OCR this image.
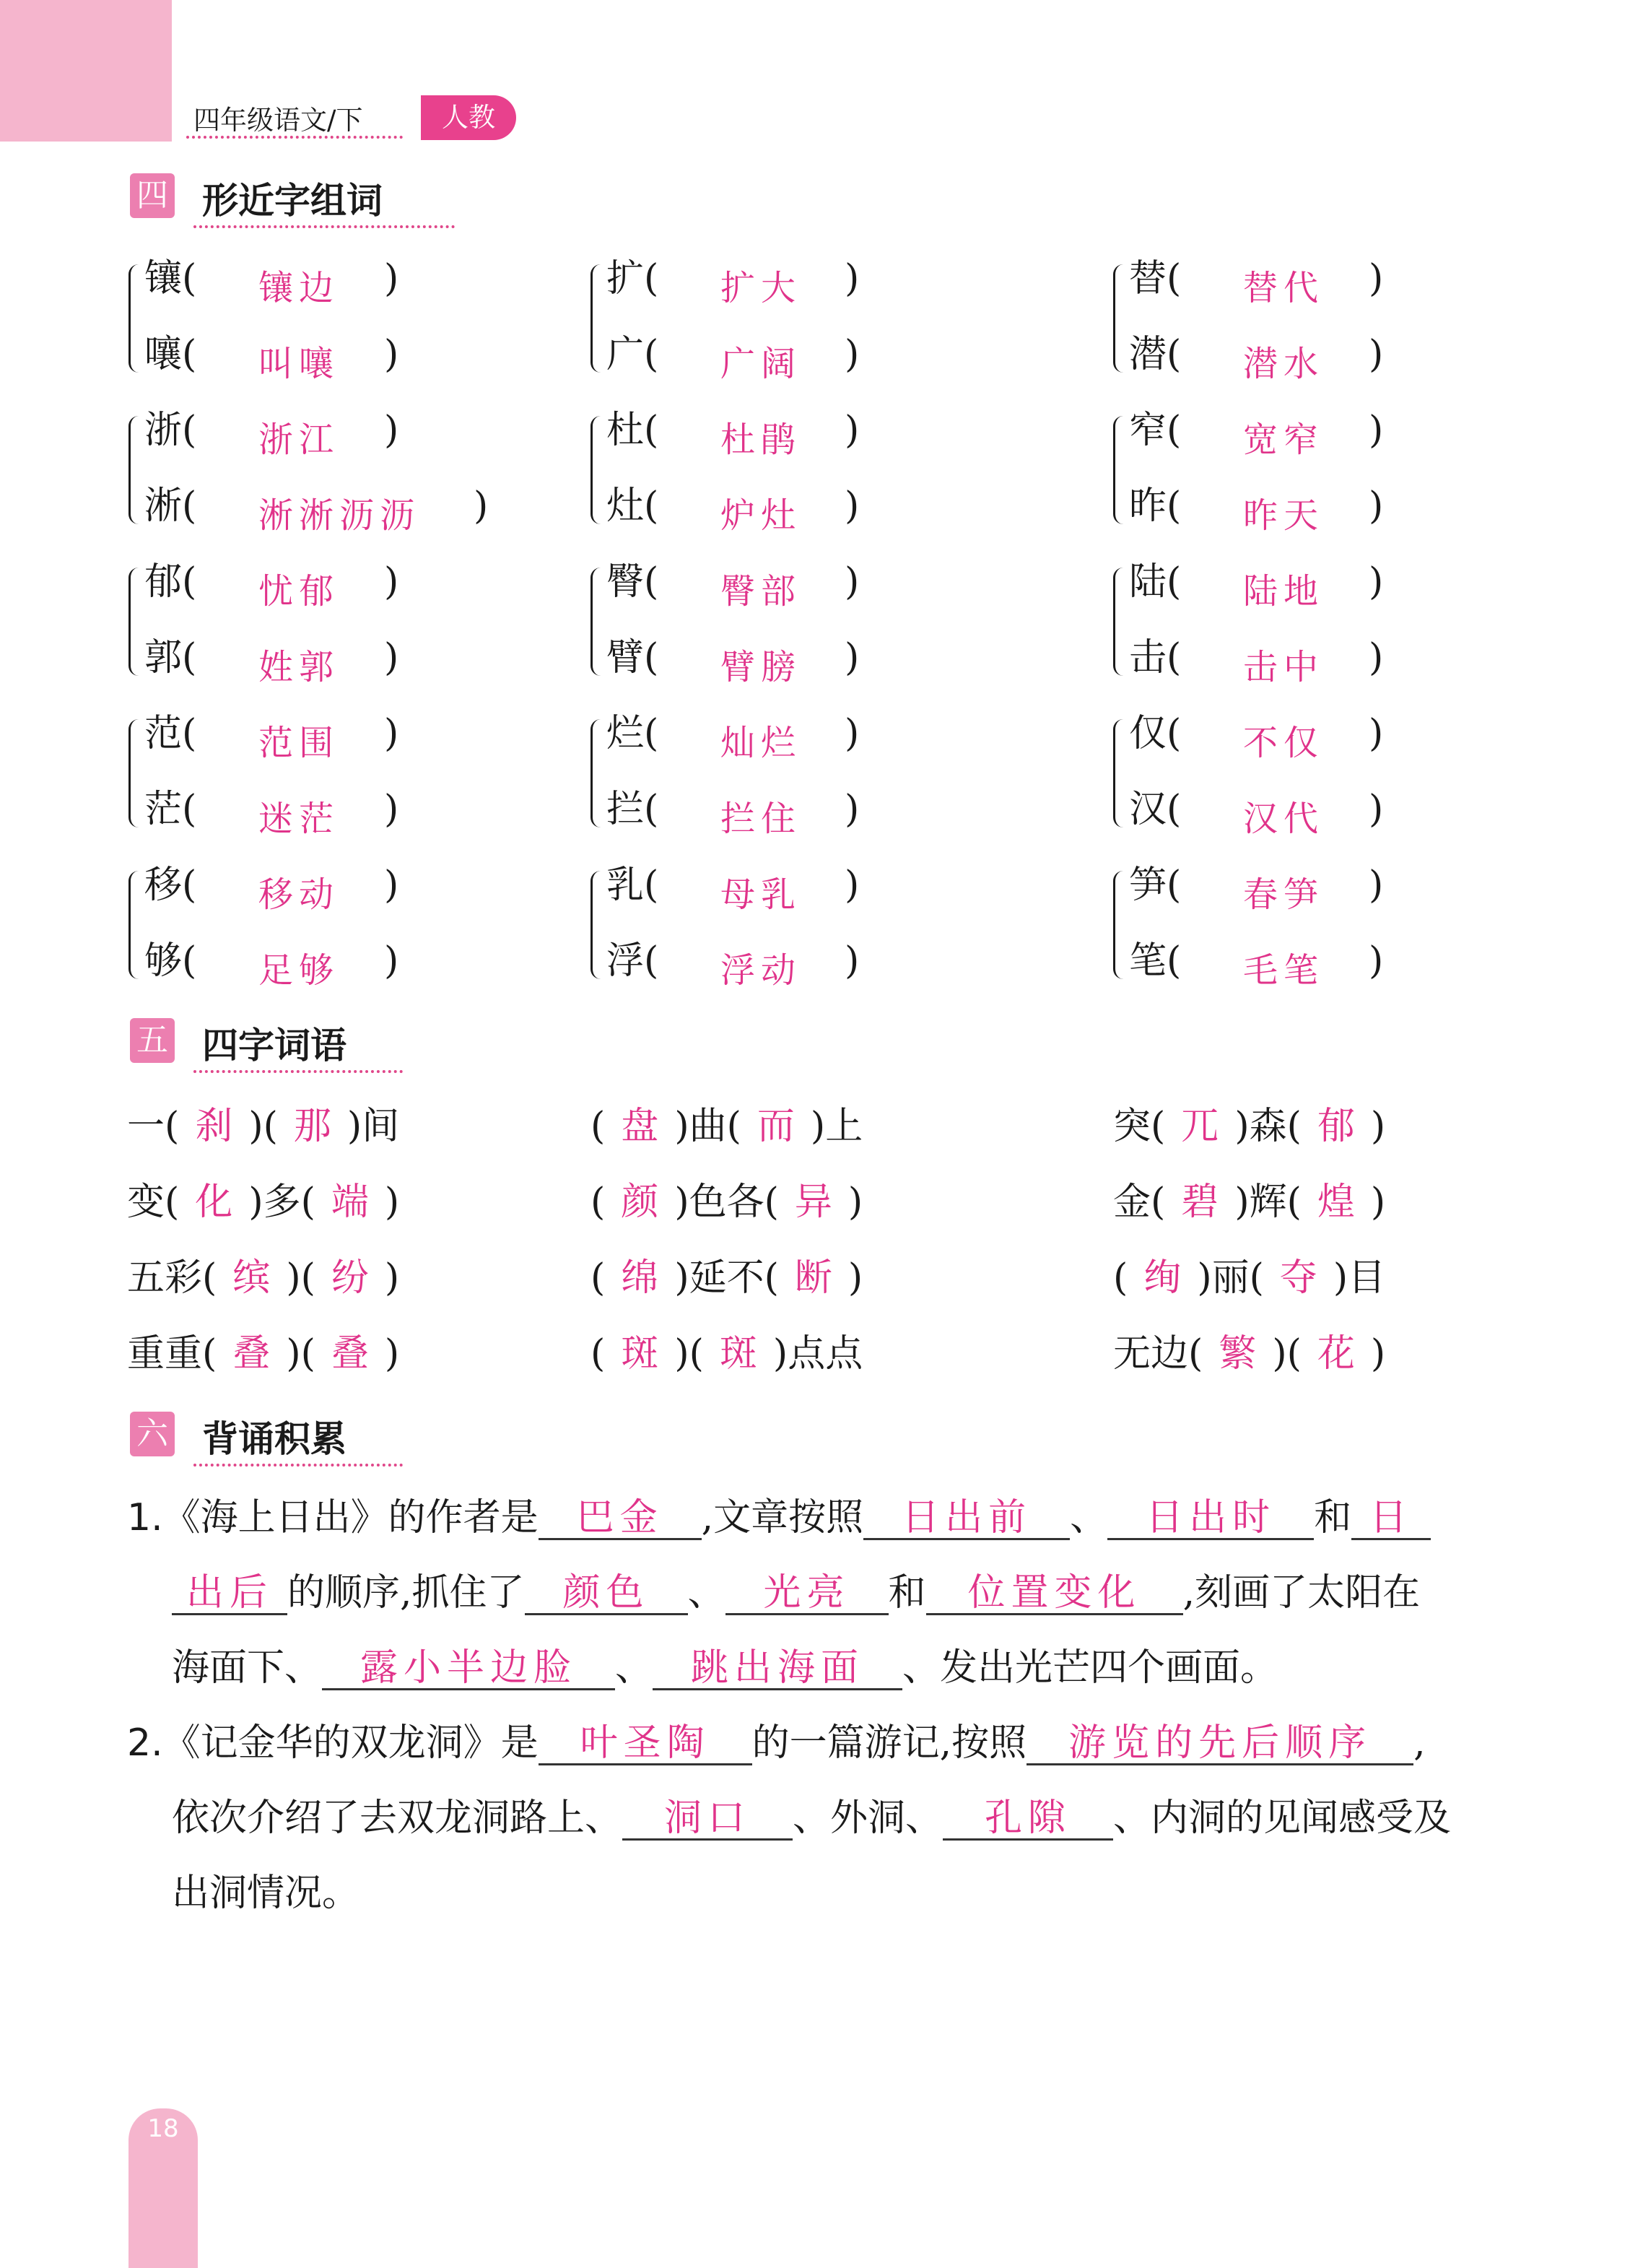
18
四年级语文/下	人教
四 形近字组词
镶( 镶边 )
嚷( 叫嚷 )
扩( 扩大 )
广( 广阔 )
替( 替代 )
潜( 潜水 )
浙( 浙江 )
淅( 淅淅沥沥 )
杜( 杜鹃 )
灶( 炉灶 )
窄( 宽窄 )
昨( 昨天 )
郁( 忧郁 )
郭( 姓郭 )
臀( 臀部 )
臂( 臂膀 )
陆( 陆地 )
击( 击中 )
范( 范围 )
茫( 迷茫 )
烂( 灿烂 )
拦( 拦住 )
仅( 不仅 )
汉( 汉代 )
移( 移动 )
够( 足够 )
乳( 母乳 )
浮( 浮动 )
笋( 春笋 )
笔( 毛笔 )
五 四字词语
一( 刹 )( 那 )间	( 盘 )曲( 而 )上	突( 兀 )森( 郁 )
变( 化 )多( 端 )	( 颜 )色各( 异 )	金( 碧 )辉( 煌 )
五彩( 缤 )( 纷 )	( 绵 )延不( 断 )	( 绚 )丽( 夺 )目
重重( 叠 )( 叠 )	( 斑 )( 斑 )点点	无边( 繁 )( 花 )
六 背诵积累
1.《海上日出》的作者是 巴金 ,文章按照 日出前 、 日出时 和 日
出后 的顺序,抓住了 颜色 、 光亮 和 位置变化 ,刻画了太阳在
海面下、 露小半边脸 、 跳出海面 、发出光芒四个画面。
2.《记金华的双龙洞》是 叶圣陶 的一篇游记,按照 游览的先后顺序 ,
依次介绍了去双龙洞路上、 洞口 、外洞、 孔隙 、内洞的见闻感受及
出洞情况。
